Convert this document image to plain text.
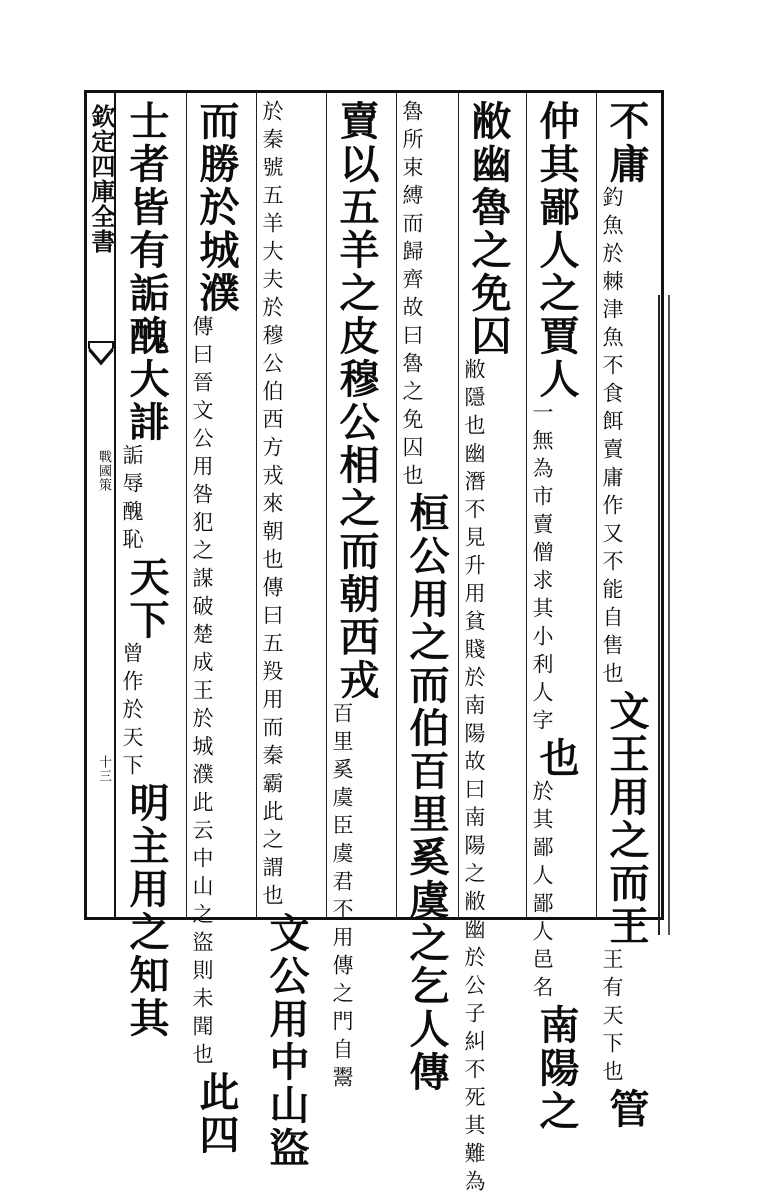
欽定四庫全書
戰國策
十三
不庸
釣魚於棘津魚不食餌
賣庸作又不能自售也
文王用之而王
王有天
下也
管
仲其鄙人之賈人
一無為市賣僧求其小利
人字
也
於其鄙人鄙人邑名
南陽之
敝幽魯之免囚
敝隱也幽潛不見升用貧賤於南陽故
曰南陽之敝幽於公子糾不死其難為
魯所束縛而歸齊
故曰魯之免囚也
桓公用之而伯百里奚虞之乞人傳
賣以五羊之皮穆公相之而朝西戎
百里奚虞臣虞君
不用傳之門自鬻
於秦號五羊大夫於穆公伯西方戎來
朝也傳曰五羖用而秦霸此之謂也
文公用中山盜
而勝於城濮
傳曰晉文公用咎犯之謀破楚成王
於城濮此云中山之盜則未聞也
此四
士者皆有詬醜大誹
詬辱
醜恥
天下
曾作於
天下
明主用之知其
